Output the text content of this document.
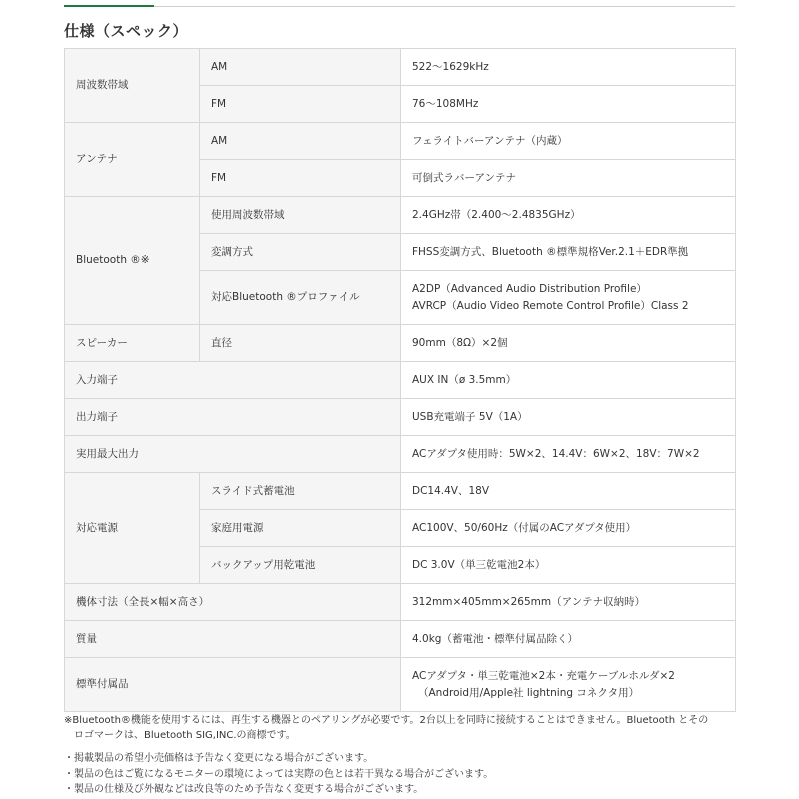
仕様（スペック）
周波数帯域	AM	522〜1629kHz
	FM	76〜108MHz
アンテナ	AM	フェライトバーアンテナ（内蔵）
	FM	可倒式ラバーアンテナ
Bluetooth ®※	使用周波数帯域	2.4GHz帯（2.400〜2.4835GHz）
	変調方式	FHSS変調方式、Bluetooth ®標準規格Ver.2.1＋EDR準拠
	対応Bluetooth ®プロファイル	A2DP（Advanced Audio Distribution Profile）
AVRCP（Audio Video Remote Control Profile）Class 2

スピーカー	直径	90mm（8Ω）×2個
入力端子		AUX IN（ø 3.5mm）
出力端子		USB充電端子 5V（1A）
実用最大出力		ACアダプタ使用時：5W×2、14.4V：6W×2、18V：7W×2
対応電源	スライド式蓄電池	DC14.4V、18V
	家庭用電源	AC100V、50/60Hz（付属のACアダプタ使用）
	バックアップ用乾電池	DC 3.0V（単三乾電池2本）
機体寸法（全長×幅×高さ）		312mm×405mm×265mm（アンテナ収納時）
質量		4.0kg（蓄電池・標準付属品除く）
標準付属品		ACアダプタ・単三乾電池×2本・充電ケーブルホルダ×2
（Android用/Apple社 lightning コネクタ用）

※Bluetooth®機能を使用するには、再生する機器とのペアリングが必要です。2台以上を同時に接続することはできません。Bluetooth とその

ロゴマークは、Bluetooth SIG,INC.の商標です。

・掲載製品の希望小売価格は予告なく変更になる場合がございます。

・製品の色はご覧になるモニターの環境によっては実際の色とは若干異なる場合がございます。

・製品の仕様及び外観などは改良等のため予告なく変更する場合がございます。
